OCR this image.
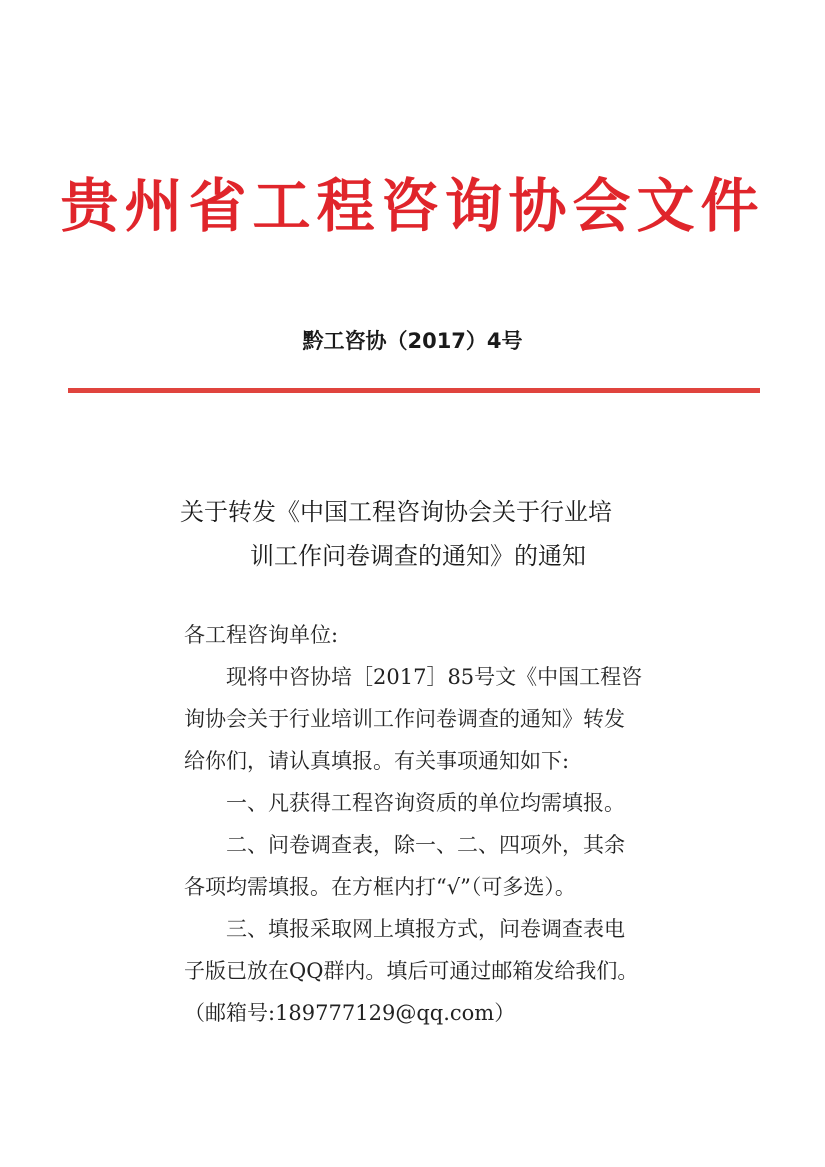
贵州省工程咨询协会文件
黔工咨协（2017）4号
关于转发《中国工程咨询协会关于行业培
训工作问卷调查的通知》的通知

各工程咨询单位:

现将中咨协培［2017］85号文《中国工程咨

询协会关于行业培训工作问卷调查的通知》转发

给你们，请认真填报。有关事项通知如下:

一、凡获得工程咨询资质的单位均需填报。

二、问卷调查表，除一、二、四项外，其余

各项均需填报。在方框内打“√”（可多选）。

三、填报采取网上填报方式，问卷调查表电

子版已放在QQ群内。填后可通过邮箱发给我们。

（邮箱号:189777129@qq.com）
